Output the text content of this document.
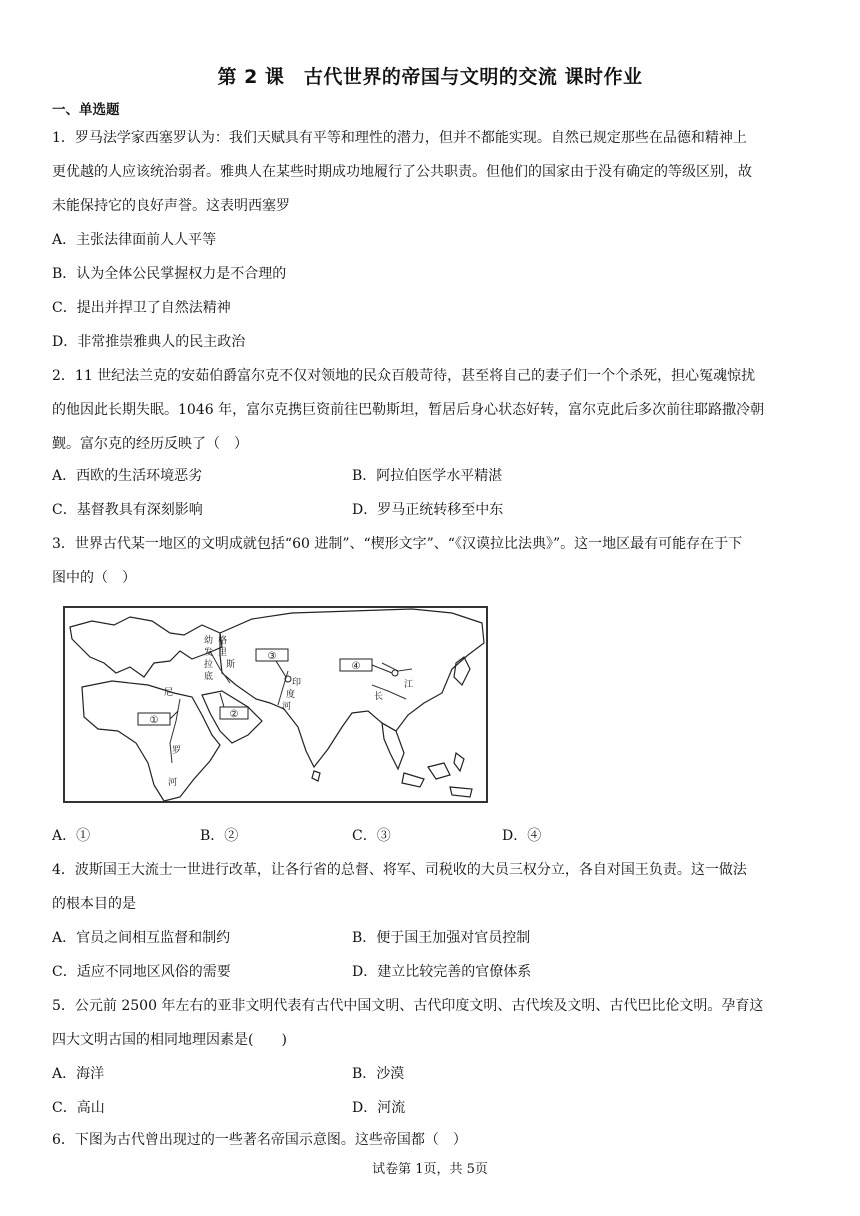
第 2 课　古代世界的帝国与文明的交流 课时作业
一、单选题
1．罗马法学家西塞罗认为：我们天赋具有平等和理性的潜力，但并不都能实现。自然已规定那些在品德和精神上
更优越的人应该统治弱者。雅典人在某些时期成功地履行了公共职责。但他们的国家由于没有确定的等级区别，故
未能保持它的良好声誉。这表明西塞罗
A．主张法律面前人人平等
B．认为全体公民掌握权力是不合理的
C．提出并捍卫了自然法精神
D．非常推崇雅典人的民主政治
2．11 世纪法兰克的安茹伯爵富尔克不仅对领地的民众百般苛待，甚至将自己的妻子们一个个杀死，担心冤魂惊扰
的他因此长期失眠。1046 年，富尔克携巨资前往巴勒斯坦，暂居后身心状态好转，富尔克此后多次前往耶路撒冷朝
觐。富尔克的经历反映了（　）
A．西欧的生活环境恶劣	B．阿拉伯医学水平精湛
C．基督教具有深刻影响	D．罗马正统转移至中东
3．世界古代某一地区的文明成就包括“60 进制”、“楔形文字”、“《汉谟拉比法典》”。这一地区最有可能存在于下
图中的（　）
①
②
③
④
尼
罗
河
幼
发
拉
底
格
里
斯
印
度
河
长
江
A．①	B．②	C．③	D．④
4．波斯国王大流士一世进行改革，让各行省的总督、将军、司税收的大员三权分立，各自对国王负责。这一做法
的根本目的是
A．官员之间相互监督和制约	B．便于国王加强对官员控制
C．适应不同地区风俗的需要	D．建立比较完善的官僚体系
5．公元前 2500 年左右的亚非文明代表有古代中国文明、古代印度文明、古代埃及文明、古代巴比伦文明。孕育这
四大文明古国的相同地理因素是(　　)
A．海洋	B．沙漠
C．高山	D．河流
6．下图为古代曾出现过的一些著名帝国示意图。这些帝国都（　）
试卷第 1页，共 5页
